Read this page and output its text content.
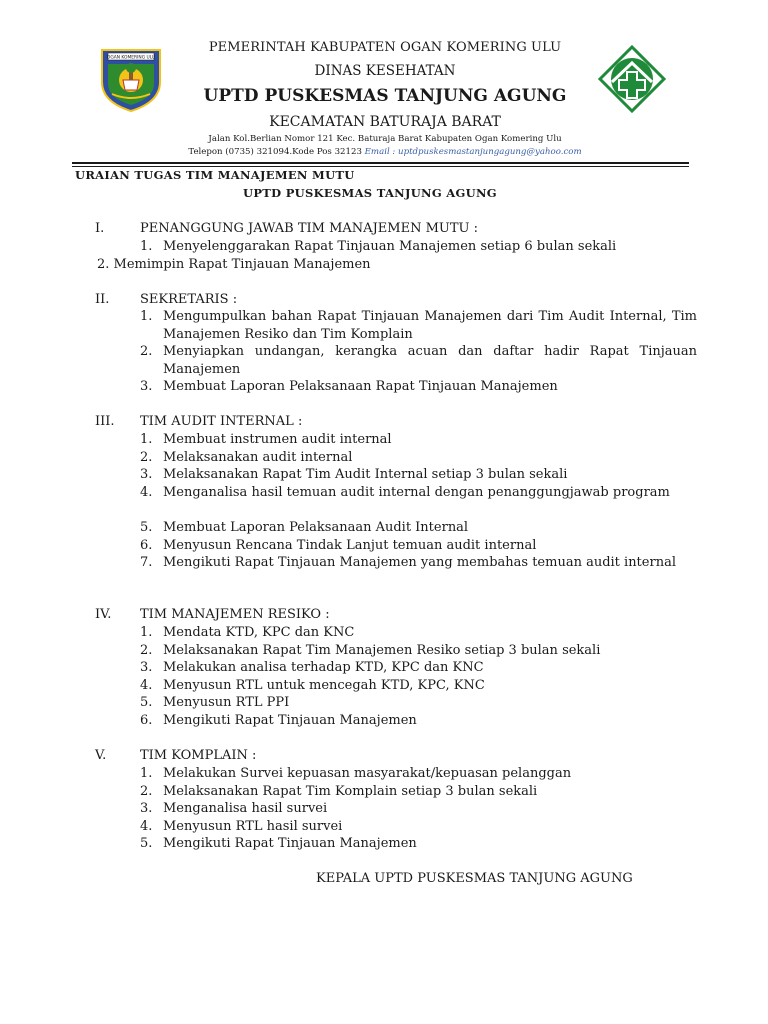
OGAN KOMERING ULU
PEMERINTAH KABUPATEN OGAN KOMERING ULU
DINAS KESEHATAN
UPTD PUSKESMAS TANJUNG AGUNG
KECAMATAN BATURAJA BARAT
Jalan Kol.Berlian Nomor 121 Kec. Baturaja Barat Kabupaten Ogan Komering Ulu
Telepon (0735) 321094.Kode Pos 32123 Email : uptdpuskesmastanjungagung@yahoo.com
URAIAN TUGAS TIM MANAJEMEN MUTU
UPTD PUSKESMAS TANJUNG AGUNG
I.	PENANGGUNG JAWAB TIM MANAJEMEN MUTU :
1. Menyelenggarakan Rapat Tinjauan Manajemen setiap 6 bulan sekali
2. Memimpin Rapat Tinjauan Manajemen
II. SEKRETARIS :
1. Mengumpulkan bahan Rapat Tinjauan Manajemen dari Tim Audit Internal, Tim Manajemen Resiko dan Tim Komplain
2. Menyiapkan undangan, kerangka acuan dan daftar hadir Rapat Tinjauan Manajemen
3. Membuat Laporan Pelaksanaan Rapat Tinjauan Manajemen
III. TIM AUDIT INTERNAL :
1. Membuat instrumen audit internal
2. Melaksanakan audit internal
3. Melaksanakan Rapat Tim Audit Internal setiap 3 bulan sekali
4. Menganalisa hasil temuan audit internal dengan penanggungjawab program
5. Membuat Laporan Pelaksanaan Audit Internal
6. Menyusun Rencana Tindak Lanjut temuan audit internal
7. Mengikuti Rapat Tinjauan Manajemen yang membahas temuan audit internal
IV. TIM MANAJEMEN RESIKO :
1. Mendata KTD, KPC dan KNC
2. Melaksanakan Rapat Tim Manajemen Resiko setiap 3 bulan sekali
3. Melakukan analisa terhadap KTD, KPC dan KNC
4. Menyusun RTL untuk mencegah KTD, KPC, KNC
5. Menyusun RTL PPI
6. Mengikuti Rapat Tinjauan Manajemen
V.	TIM KOMPLAIN :
1. Melakukan Survei kepuasan masyarakat/kepuasan pelanggan
2. Melaksanakan Rapat Tim Komplain setiap 3 bulan sekali
3. Menganalisa hasil survei
4. Menyusun RTL hasil survei
5. Mengikuti Rapat Tinjauan Manajemen
KEPALA UPTD PUSKESMAS TANJUNG AGUNG
